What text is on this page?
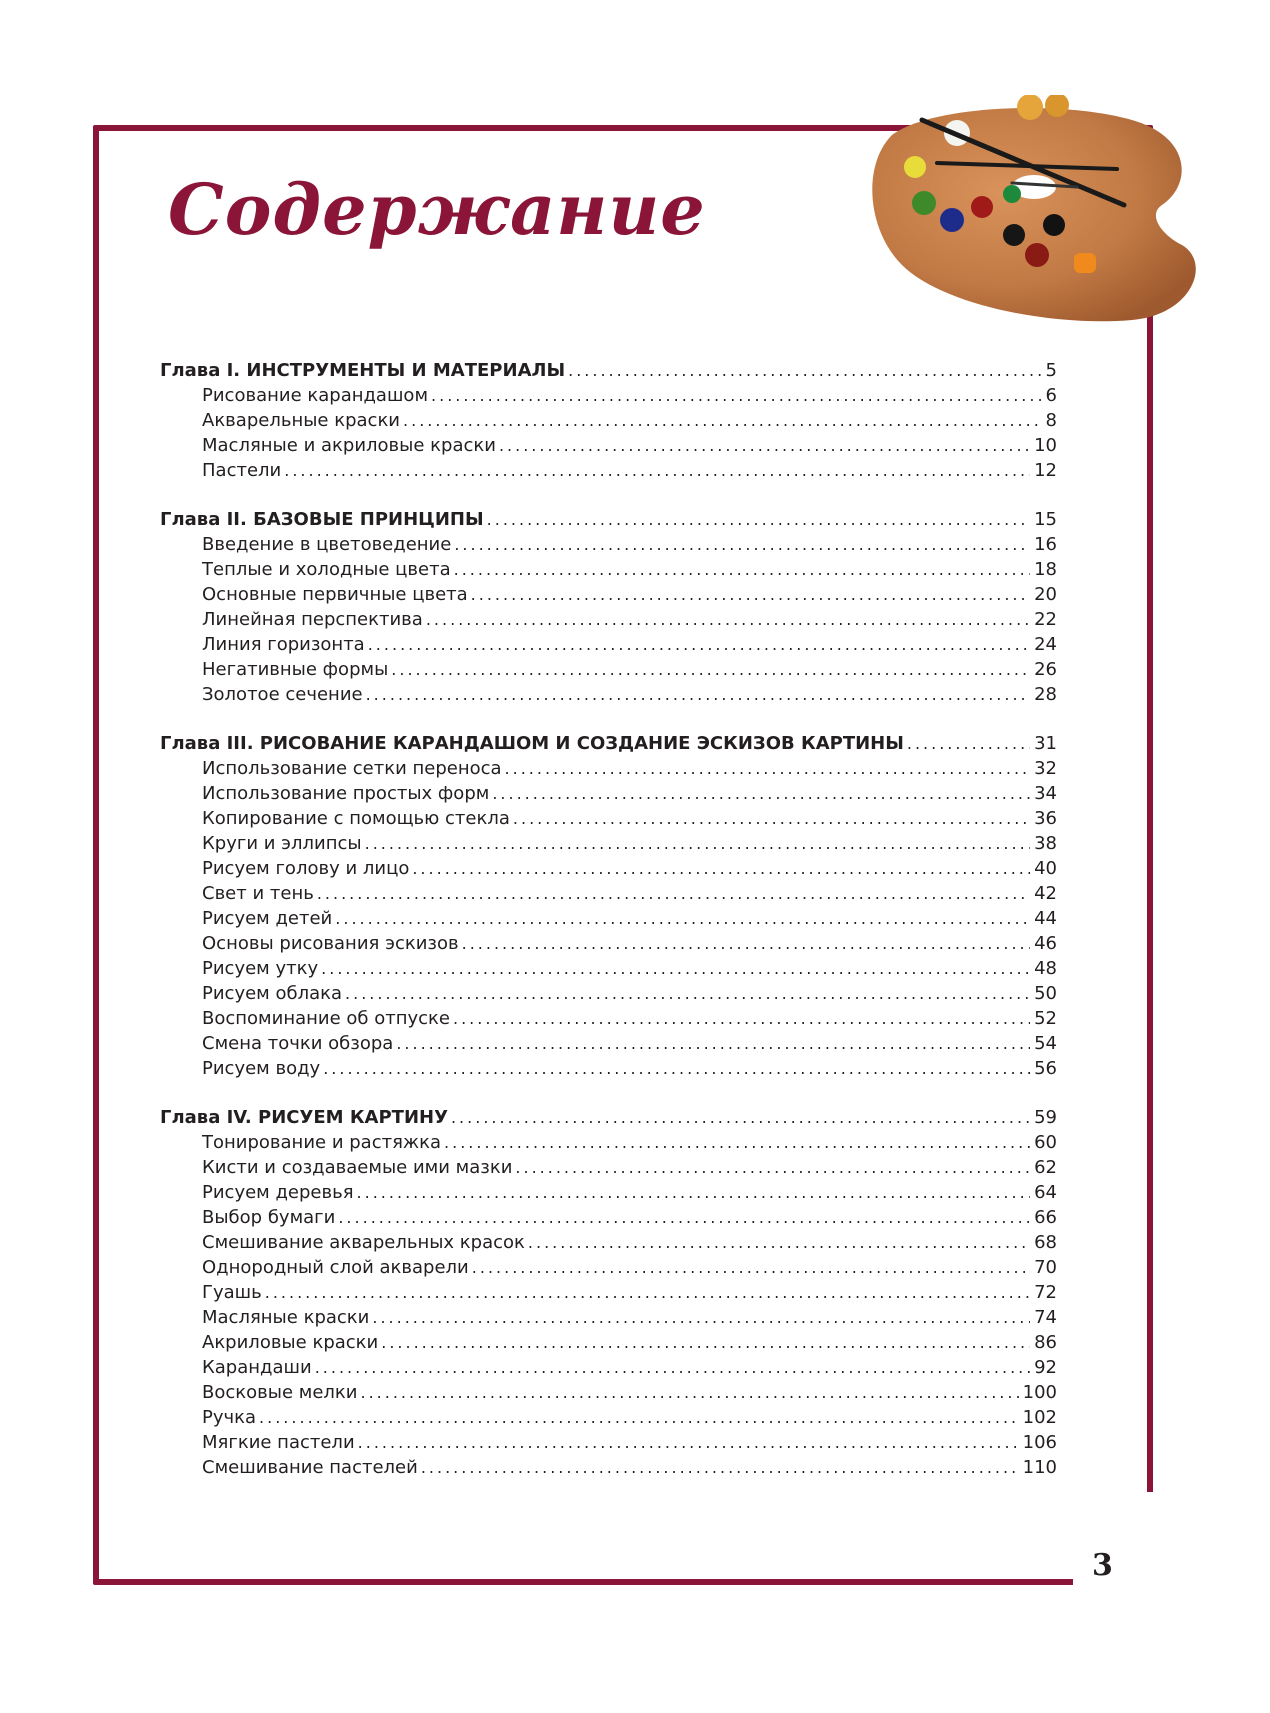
Содержание
Глава I. ИНСТРУМЕНТЫ И МАТЕРИАЛЫ .....	5
Рисование карандашом .....	6
Акварельные краски .....	8
Масляные и акриловые краски .....	10
Пастели .....	12
Глава II. БАЗОВЫЕ ПРИНЦИПЫ .....	15
Введение в цветоведение .....	16
Теплые и холодные цвета .....	18
Основные первичные цвета .....	20
Линейная перспектива .....	22
Линия горизонта .....	24
Негативные формы .....	26
Золотое сечение .....	28
Глава III. РИСОВАНИЕ КАРАНДАШОМ И СОЗДАНИЕ ЭСКИЗОВ КАРТИНЫ .....	31
Использование сетки переноса .....	32
Использование простых форм .....	34
Копирование с помощью стекла .....	36
Круги и эллипсы .....	38
Рисуем голову и лицо .....	40
Свет и тень .....	42
Рисуем детей .....	44
Основы рисования эскизов .....	46
Рисуем утку .....	48
Рисуем облака .....	50
Воспоминание об отпуске .....	52
Смена точки обзора .....	54
Рисуем воду .....	56
Глава IV. РИСУЕМ КАРТИНУ .....	59
Тонирование и растяжка .....	60
Кисти и создаваемые ими мазки .....	62
Рисуем деревья .....	64
Выбор бумаги .....	66
Смешивание акварельных красок .....	68
Однородный слой акварели .....	70
Гуашь .....	72
Масляные краски .....	74
Акриловые краски .....	86
Карандаши .....	92
Восковые мелки .....	100
Ручка .....	102
Мягкие пастели .....	106
Смешивание пастелей .....	110
3
